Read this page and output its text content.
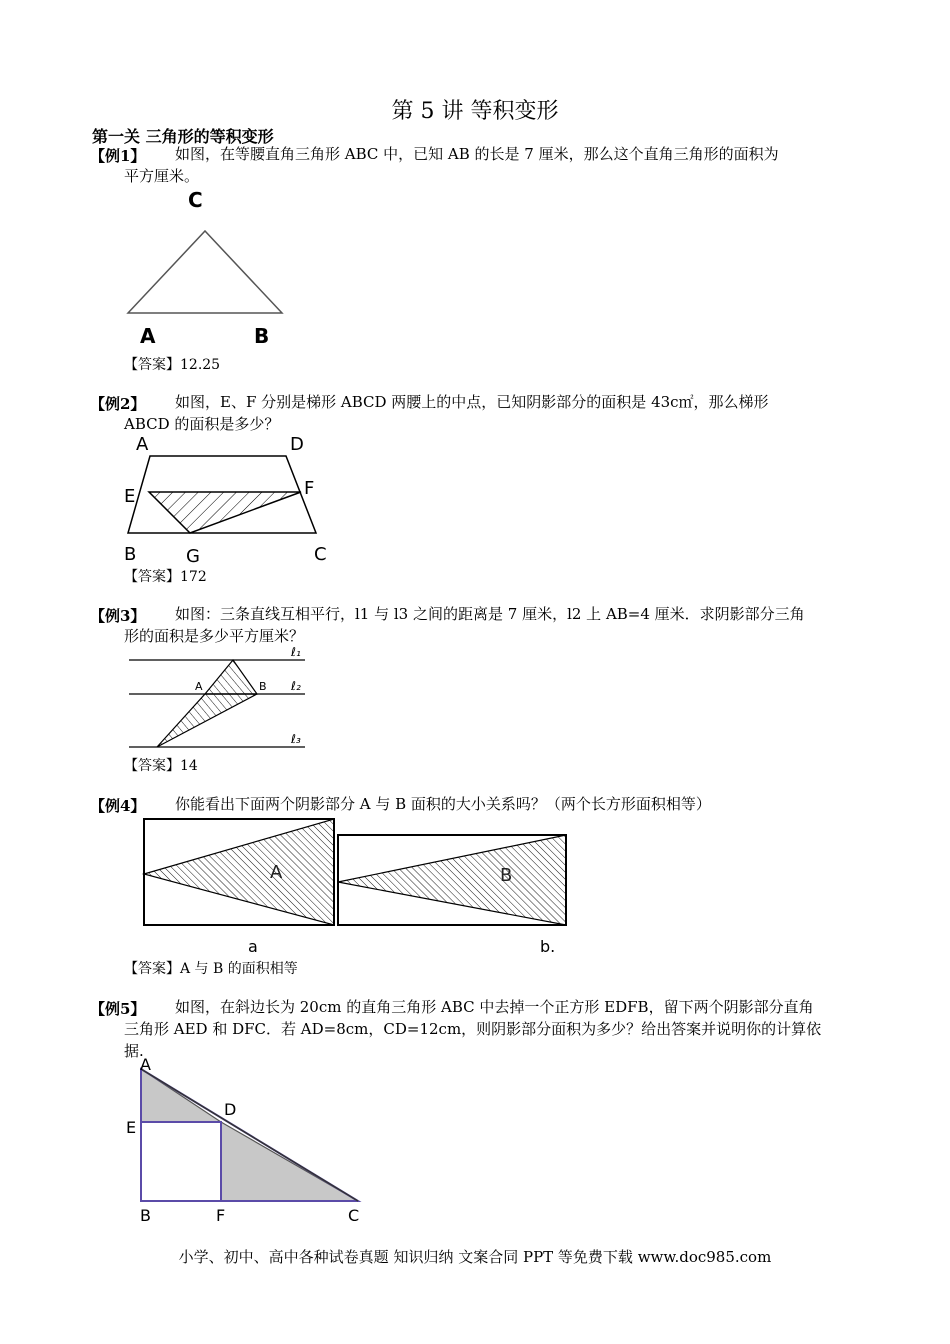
第 5 讲 等积变形
第一关 三角形的等积变形
【例1】 如图，在等腰直角三角形 ABC 中，已知 AB 的长是 7 厘米，那么这个直角三角形的面积为
平方厘米。
C
A	B
【答案】12.25
【例2】 如图，E、F 分别是梯形 ABCD 两腰上的中点，已知阴影部分的面积是 43c㎡，那么梯形
ABCD 的面积是多少？
A	D
E	F
B	G	C
【答案】172
【例3】 如图：三条直线互相平行，l1 与 l3 之间的距离是 7 厘米，l2 上 AB=4 厘米．求阴影部分三角
形的面积是多少平方厘米？
A	B
ℓ₁
ℓ₂
ℓ₃
【答案】14
【例4】 你能看出下面两个阴影部分 A 与 B 面积的大小关系吗？（两个长方形面积相等）
A	B
a	b.
【答案】A 与 B 的面积相等
【例5】 如图，在斜边长为 20cm 的直角三角形 ABC 中去掉一个正方形 EDFB，留下两个阴影部分直角
三角形 AED 和 DFC．若 AD=8cm，CD=12cm，则阴影部分面积为多少？给出答案并说明你的计算依
据.
A
D
E
B	F	C
小学、初中、高中各种试卷真题 知识归纳 文案合同 PPT 等免费下载 www.doc985.com
